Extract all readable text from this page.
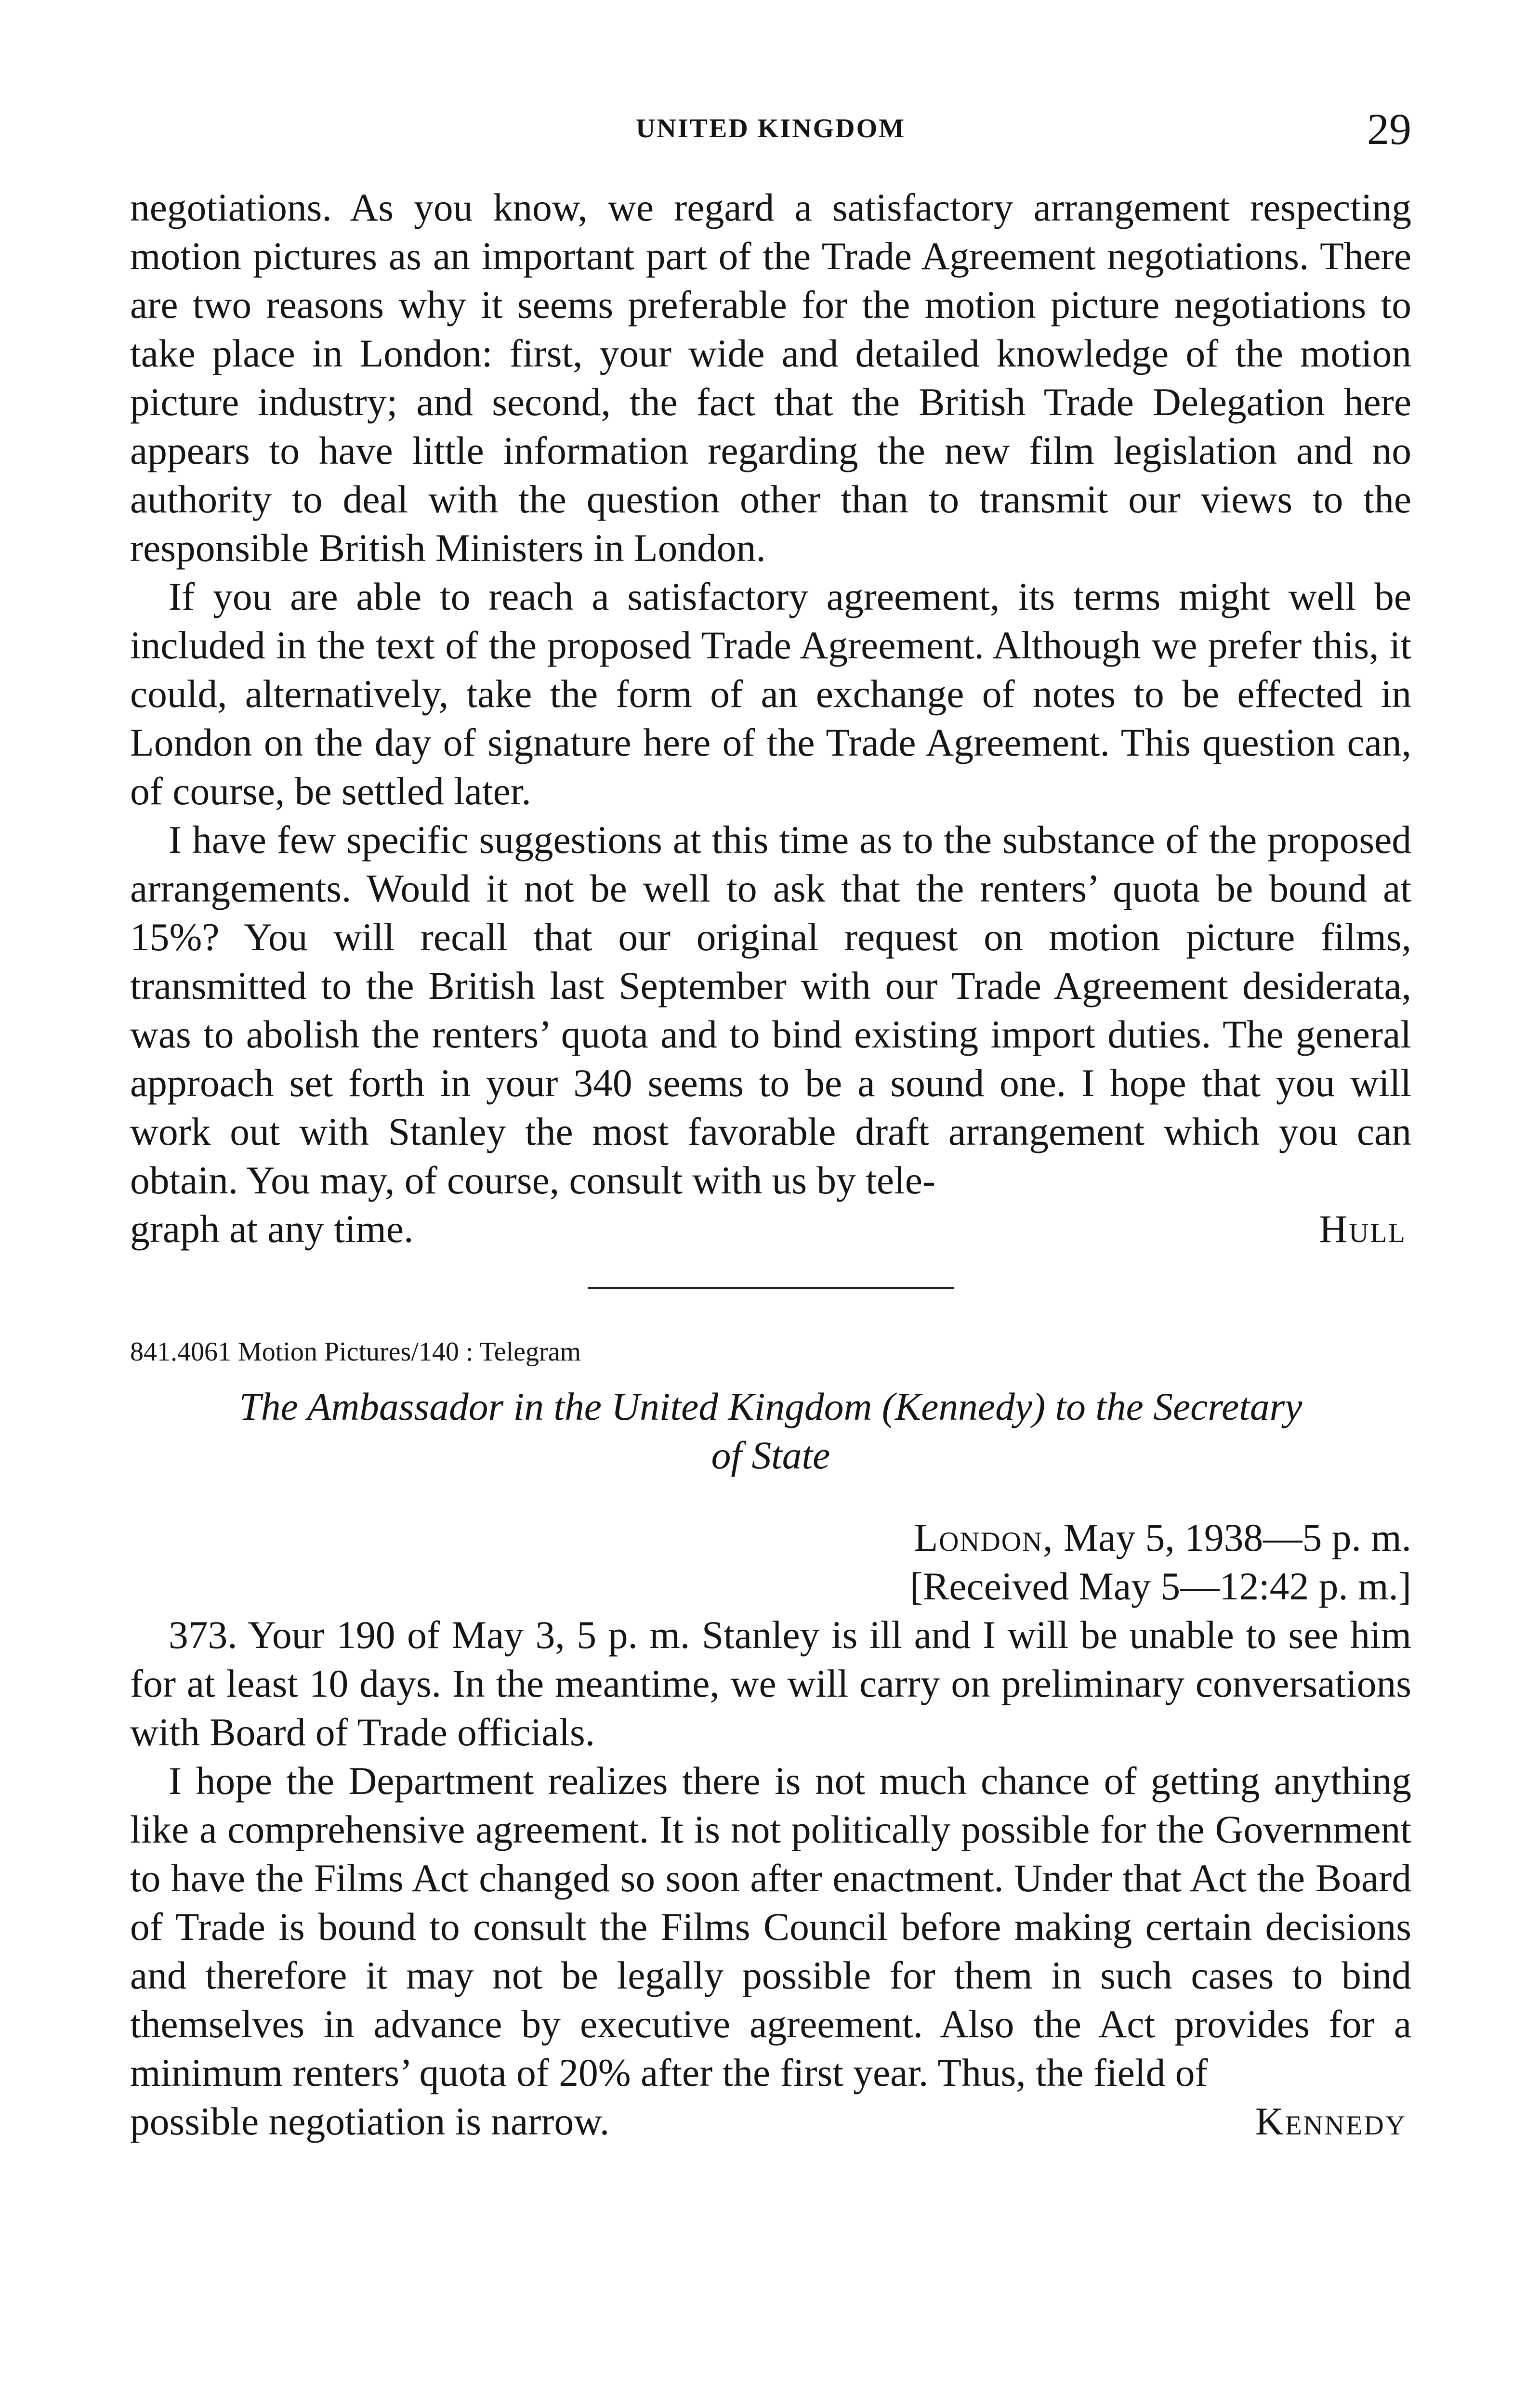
UNITED KINGDOM	29

negotiations. As you know, we regard a satisfactory arrangement respecting motion pictures as an important part of the Trade Agreement negotiations. There are two reasons why it seems preferable for the motion picture negotiations to take place in London: first, your wide and detailed knowledge of the motion picture industry; and second, the fact that the British Trade Delegation here appears to have little information regarding the new film legislation and no authority to deal with the question other than to transmit our views to the responsible British Ministers in London.

If you are able to reach a satisfactory agreement, its terms might well be included in the text of the proposed Trade Agreement. Although we prefer this, it could, alternatively, take the form of an exchange of notes to be effected in London on the day of signature here of the Trade Agreement. This question can, of course, be settled later.

I have few specific suggestions at this time as to the substance of the proposed arrangements. Would it not be well to ask that the renters’ quota be bound at 15%? You will recall that our original request on motion picture films, transmitted to the British last September with our Trade Agreement desiderata, was to abolish the renters’ quota and to bind existing import duties. The general approach set forth in your 340 seems to be a sound one. I hope that you will work out with Stanley the most favorable draft arrangement which you can obtain. You may, of course, consult with us by tele-

graph at any time.	Hull
841.4061 Motion Pictures/140 : Telegram
The Ambassador in the United Kingdom (Kennedy) to the Secretary
of State
London, May 5, 1938—5 p. m.
[Received May 5—12:42 p. m.]

373. Your 190 of May 3, 5 p. m. Stanley is ill and I will be unable to see him for at least 10 days. In the meantime, we will carry on preliminary conversations with Board of Trade officials.

I hope the Department realizes there is not much chance of getting anything like a comprehensive agreement. It is not politically possible for the Government to have the Films Act changed so soon after enactment. Under that Act the Board of Trade is bound to consult the Films Council before making certain decisions and therefore it may not be legally possible for them in such cases to bind themselves in advance by executive agreement. Also the Act provides for a minimum renters’ quota of 20% after the first year. Thus, the field of

possible negotiation is narrow.	Kennedy
